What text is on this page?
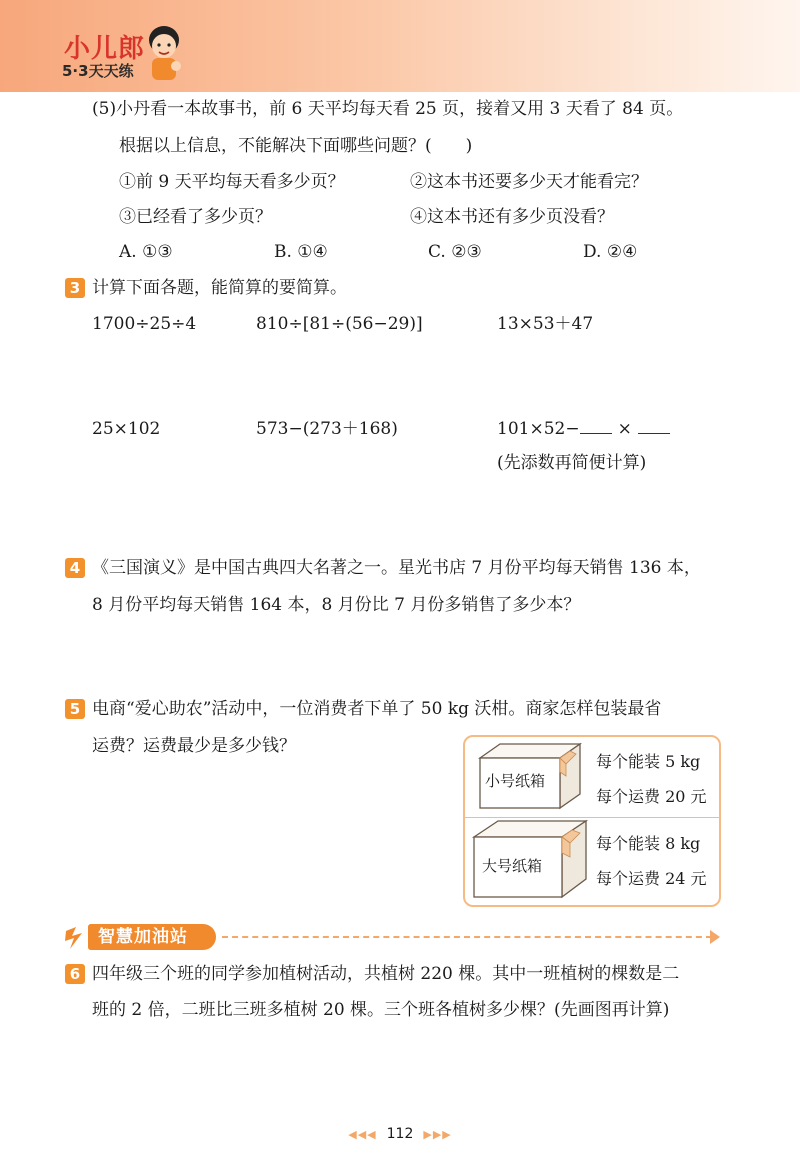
小儿郎
5·3天天练
(5)小丹看一本故事书，前 6 天平均每天看 25 页，接着又用 3 天看了 84 页。
根据以上信息，不能解决下面哪些问题？(　　)
①前 9 天平均每天看多少页？	②这本书还要多少天才能看完？
③已经看了多少页？	④这本书还有多少页没看？
A. ①③	B. ①④	C. ②③	D. ②④
3 计算下面各题，能简算的要简算。
1700÷25÷4	810÷[81÷(56−29)]	13×53＋47
25×102	573−(273＋168)	101×52− ×
(先添数再简便计算)
4 《三国演义》是中国古典四大名著之一。星光书店 7 月份平均每天销售 136 本，
8 月份平均每天销售 164 本，8 月份比 7 月份多销售了多少本？
5 电商“爱心助农”活动中，一位消费者下单了 50 kg 沃柑。商家怎样包装最省
运费？运费最少是多少钱？
小号纸箱
每个能装 5 kg
每个运费 20 元
大号纸箱
每个能装 8 kg
每个运费 24 元
智慧加油站
6 四年级三个班的同学参加植树活动，共植树 220 棵。其中一班植树的棵数是二
班的 2 倍，二班比三班多植树 20 棵。三个班各植树多少棵？(先画图再计算)
◀◀◀ 112 ▶▶▶
